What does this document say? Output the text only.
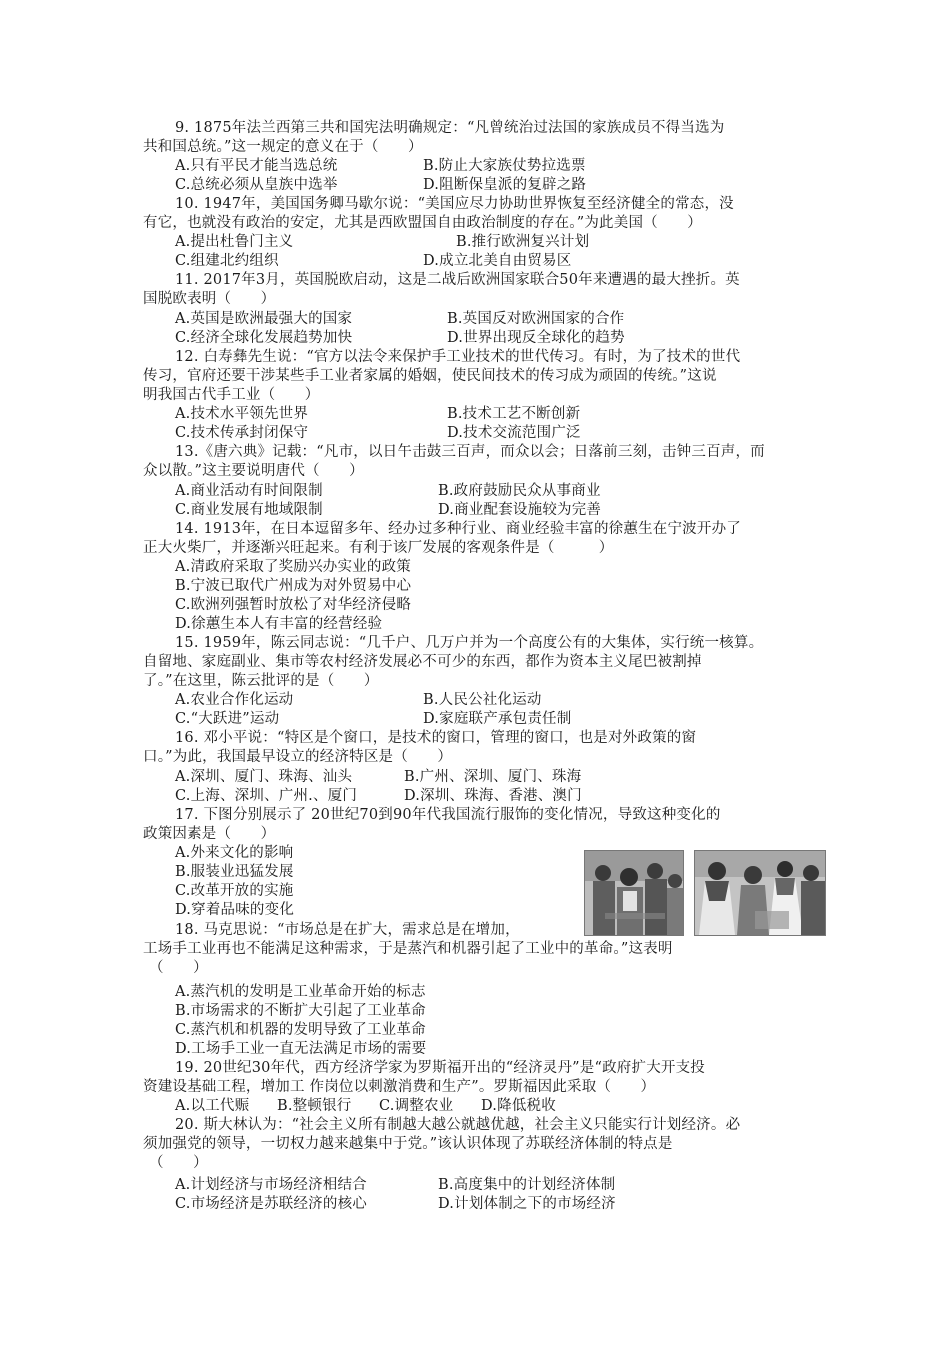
9. 1875年法兰西第三共和国宪法明确规定：“凡曾统治过法国的家族成员不得当选为
共和国总统。”这一规定的意义在于（　　）
A.只有平民才能当选总统	B.防止大家族仗势拉选票
C.总统必须从皇族中选举	D.阻断保皇派的复辟之路
10. 1947年，美国国务卿马歇尔说：“美国应尽力协助世界恢复至经济健全的常态，没
有它，也就没有政治的安定，尤其是西欧盟国自由政治制度的存在。”为此美国（　　）
A.提出杜鲁门主义	B.推行欧洲复兴计划
C.组建北约组织	D.成立北美自由贸易区
11. 2017年3月，英国脱欧启动，这是二战后欧洲国家联合50年来遭遇的最大挫折。英
国脱欧表明（　　）
A.英国是欧洲最强大的国家	B.英国反对欧洲国家的合作
C.经济全球化发展趋势加快	D.世界出现反全球化的趋势
12. 白寿彝先生说：“官方以法令来保护手工业技术的世代传习。有时，为了技术的世代
传习，官府还要干涉某些手工业者家属的婚姻，使民间技术的传习成为顽固的传统。”这说
明我国古代手工业（　　）
A.技术水平领先世界	B.技术工艺不断创新
C.技术传承封闭保守	D.技术交流范围广泛
13.《唐六典》记载：“凡市，以日午击鼓三百声，而众以会；日落前三刻，击钟三百声，而
众以散。”这主要说明唐代（　　）
A.商业活动有时间限制	B.政府鼓励民众从事商业
C.商业发展有地域限制	D.商业配套设施较为完善
14. 1913年，在日本逗留多年、经办过多种行业、商业经验丰富的徐蕙生在宁波开办了
正大火柴厂，并逐渐兴旺起来。有利于该厂发展的客观条件是（　　　）
A.清政府采取了奖励兴办实业的政策
B.宁波已取代广州成为对外贸易中心
C.欧洲列强暂时放松了对华经济侵略
D.徐蕙生本人有丰富的经营经验
15. 1959年，陈云同志说：“几千户、几万户并为一个高度公有的大集体，实行统一核算。
自留地、家庭副业、集市等农村经济发展必不可少的东西，都作为资本主义尾巴被割掉
了。”在这里，陈云批评的是（　　）
A.农业合作化运动	B.人民公社化运动
C.“大跃进”运动	D.家庭联产承包责任制
16. 邓小平说：“特区是个窗口，是技术的窗口，管理的窗口，也是对外政策的窗
口。”为此，我国最早设立的经济特区是（　　）
A.深圳、厦门、珠海、汕头	B.广州、深圳、厦门、珠海
C.上海、深圳、广州.、厦门	D.深圳、珠海、香港、澳门
17. 下图分别展示了 20世纪70到90年代我国流行服饰的变化情况，导致这种变化的
政策因素是（　　）
A.外来文化的影响
B.服装业迅猛发展
C.改革开放的实施
D.穿着品味的变化
18. 马克思说：“市场总是在扩大，需求总是在增加，
工场手工业再也不能满足这种需求，于是蒸汽和机器引起了工业中的革命。”这表明
（　　）
A.蒸汽机的发明是工业革命开始的标志
B.市场需求的不断扩大引起了工业革命
C.蒸汽机和机器的发明导致了工业革命
D.工场手工业一直无法满足市场的需要
19. 20世纪30年代，西方经济学家为罗斯福开出的“经济灵丹”是“政府扩大开支投
资建设基础工程，增加工 作岗位以刺激消费和生产”。罗斯福因此采取（　　）
A.以工代赈 B.整顿银行 C.调整农业 D.降低税收
20. 斯大林认为：“社会主义所有制越大越公就越优越，社会主义只能实行计划经济。必
须加强党的领导，一切权力越来越集中于党。”该认识体现了苏联经济体制的特点是
（　　）
A.计划经济与市场经济相结合	B.高度集中的计划经济体制
C.市场经济是苏联经济的核心	D.计划体制之下的市场经济
